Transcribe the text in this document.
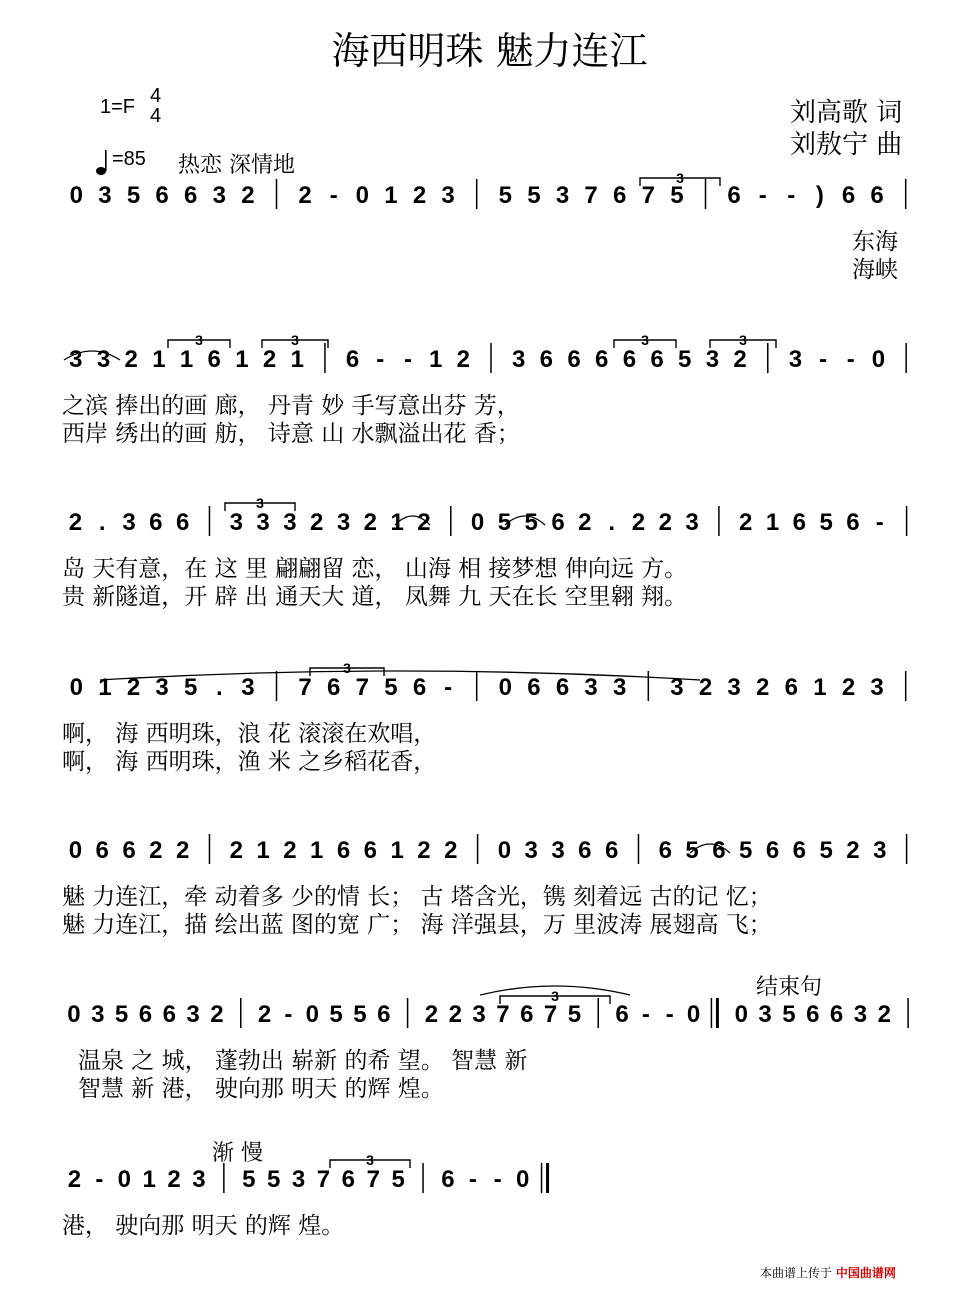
海西明珠 魅力连江
1=F 4
4
=85 热恋 深情地
刘高歌 词
刘敖宁 曲
0 3 5 6 6 3 2 2 - 0 1 2 3 5 5 3 7 6 7 5 6 - - ) 6 6
东海
海峡
3 3 2 1 1 6 1 2 1 6 - - 1 2 3 6 6 6 6 6 5 3 2 3 - - 0
之滨 捧出的画 廊， 丹青 妙 手写意出芬 芳，
西岸 绣出的画 舫， 诗意 山 水飘溢出花 香；
2 . 3 6 6 3 3 3 2 3 2 1 2 0 5 5 6 2 . 2 2 3 2 1 6 5 6 -
岛 天有意，在 这 里 翩翩留 恋， 山海 相 接梦想 伸向远 方。
贵 新隧道，开 辟 出 通天大 道， 凤舞 九 天在长 空里翱 翔。
0 1 2 3 5 . 3 7 6 7 5 6 - 0 6 6 3 3 3 2 3 2 6 1 2 3
啊， 海 西明珠，浪 花 滚滚在欢唱，
啊， 海 西明珠，渔 米 之乡稻花香，
0 6 6 2 2 2 1 2 1 6 6 1 2 2 0 3 3 6 6 6 5 6 5 6 6 5 2 3
魅 力连江，牵 动着多 少的情 长； 古 塔含光，镌 刻着远 古的记 忆；
魅 力连江，描 绘出蓝 图的宽 广； 海 洋强县，万 里波涛 展翅高 飞；
0 3 5 6 6 3 2 2 - 0 5 5 6 2 2 3 7 6 7 5 6 - - 0 0 3 5 6 6 3 2
温泉 之 城， 蓬勃出 崭新 的希 望。 智慧 新
智慧 新 港， 驶向那 明天 的辉 煌。
2 - 0 1 2 3 5 5 3 7 6 7 5 6 - - 0
港， 驶向那 明天 的辉 煌。
3
3	3	3	3
3
3
3
3
结束句
渐 慢
本曲谱上传于 中国曲谱网
